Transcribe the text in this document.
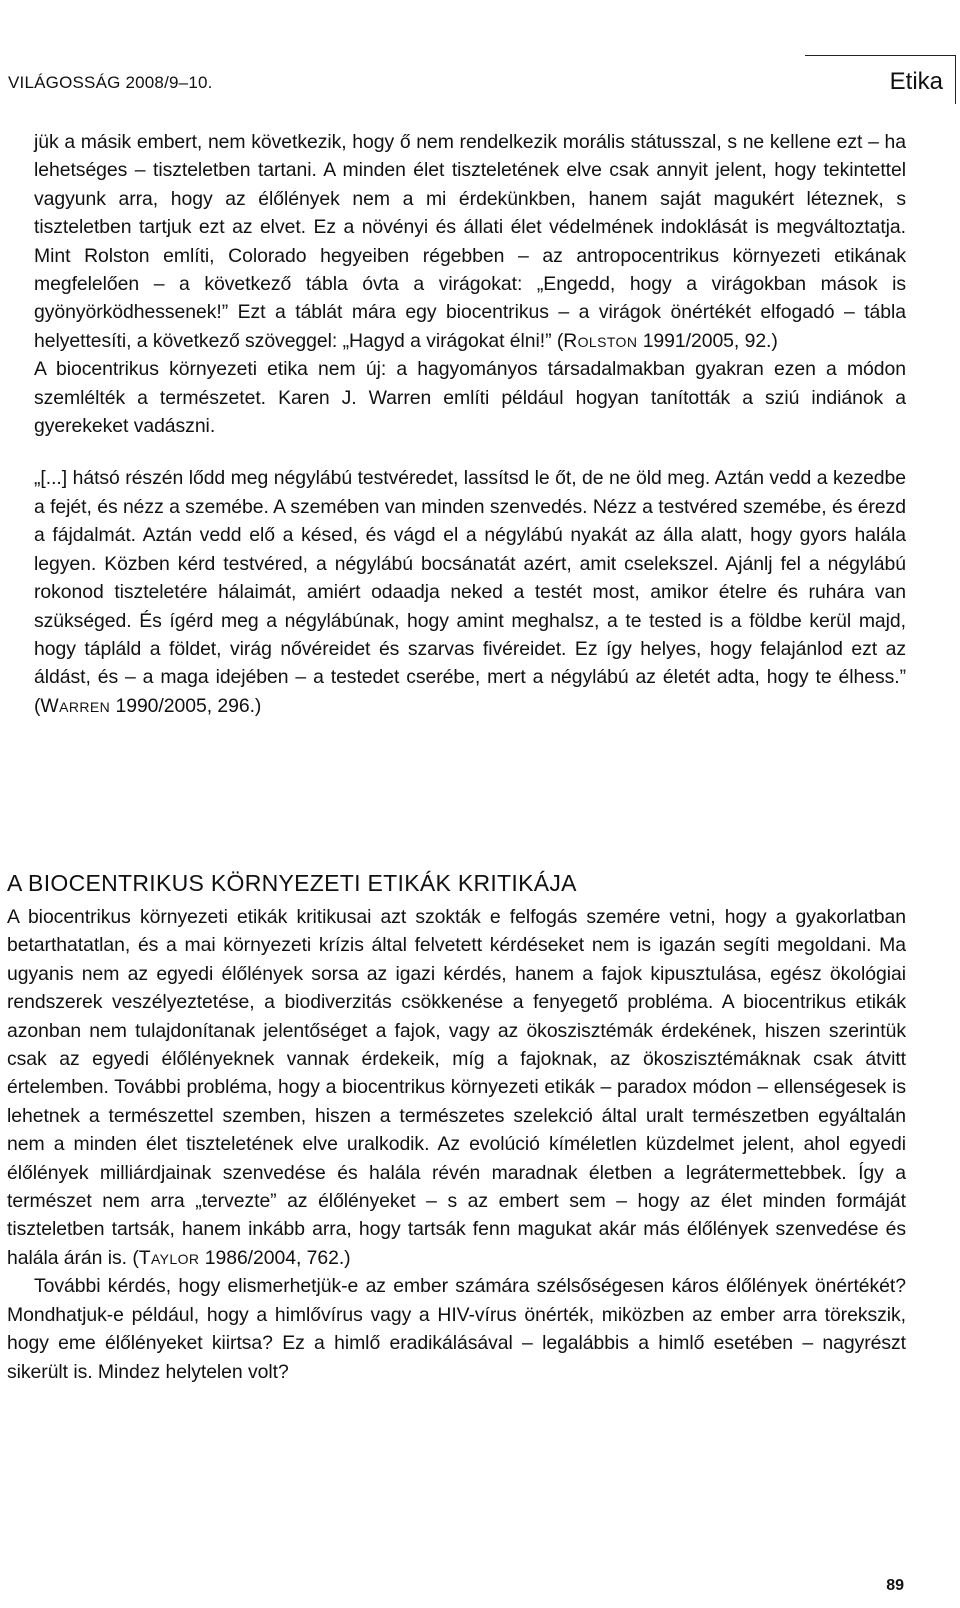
VILÁGOSSÁG 2008/9–10.	Etika

jük a másik embert, nem következik, hogy ő nem rendelkezik morális státusszal, s ne kellene ezt – ha lehetséges – tiszteletben tartani. A minden élet tiszteletének elve csak annyit jelent, hogy tekintettel vagyunk arra, hogy az élőlények nem a mi érdekünkben, hanem saját magukért léteznek, s tiszteletben tartjuk ezt az elvet. Ez a növényi és állati élet védelmének indoklását is megváltoztatja. Mint Rolston említi, Colorado hegyeiben régebben – az antropocentrikus környezeti etikának megfelelően – a következő tábla óvta a virágokat: „Engedd, hogy a virágokban mások is gyönyörködhessenek!” Ezt a táblát mára egy biocentrikus – a virágok önértékét elfogadó – tábla helyettesíti, a következő szöveggel: „Hagyd a virágokat élni!” (Rolston 1991/2005, 92.)

A biocentrikus környezeti etika nem új: a hagyományos társadalmakban gyakran ezen a módon szemlélték a természetet. Karen J. Warren említi például hogyan tanították a sziú indiánok a gyerekeket vadászni.

„[...] hátsó részén lődd meg négylábú testvéredet, lassítsd le őt, de ne öld meg. Aztán vedd a kezedbe a fejét, és nézz a szemébe. A szemében van minden szenvedés. Nézz a testvéred szemébe, és érezd a fájdalmát. Aztán vedd elő a késed, és vágd el a négylábú nyakát az álla alatt, hogy gyors halála legyen. Közben kérd testvéred, a négylábú bocsánatát azért, amit cselekszel. Ajánlj fel a négylábú rokonod tiszteletére hálaimát, amiért odaadja neked a testét most, amikor ételre és ruhára van szükséged. És ígérd meg a négylábúnak, hogy amint meghalsz, a te tested is a földbe kerül majd, hogy tápláld a földet, virág nővéreidet és szarvas fivéreidet. Ez így helyes, hogy felajánlod ezt az áldást, és – a maga idejében – a testedet cserébe, mert a négylábú az életét adta, hogy te élhess.” (Warren 1990/2005, 296.)

A BIOCENTRIKUS KÖRNYEZETI ETIKÁK KRITIKÁJA

A biocentrikus környezeti etikák kritikusai azt szokták e felfogás szemére vetni, hogy a gyakorlatban betarthatatlan, és a mai környezeti krízis által felvetett kérdéseket nem is igazán segíti megoldani. Ma ugyanis nem az egyedi élőlények sorsa az igazi kérdés, hanem a fajok kipusztulása, egész ökológiai rendszerek veszélyeztetése, a biodiverzitás csökkenése a fenyegető probléma. A biocentrikus etikák azonban nem tulajdonítanak jelentőséget a fajok, vagy az ökoszisztémák érdekének, hiszen szerintük csak az egyedi élőlényeknek vannak érdekeik, míg a fajoknak, az ökoszisztémáknak csak átvitt értelemben. További probléma, hogy a biocentrikus környezeti etikák – paradox módon – ellenségesek is lehetnek a természettel szemben, hiszen a természetes szelekció által uralt természetben egyáltalán nem a minden élet tiszteletének elve uralkodik. Az evolúció kíméletlen küzdelmet jelent, ahol egyedi élőlények milliárdjainak szenvedése és halála révén maradnak életben a legrátermettebbek. Így a természet nem arra „tervezte” az élőlényeket – s az embert sem – hogy az élet minden formáját tiszteletben tartsák, hanem inkább arra, hogy tartsák fenn magukat akár más élőlények szenvedése és halála árán is. (Taylor 1986/2004, 762.)

További kérdés, hogy elismerhetjük-e az ember számára szélsőségesen káros élőlények önértékét? Mondhatjuk-e például, hogy a himlővírus vagy a HIV-vírus önérték, miközben az ember arra törekszik, hogy eme élőlényeket kiirtsa? Ez a himlő eradikálásával – legalábbis a himlő esetében – nagyrészt sikerült is. Mindez helytelen volt?

89
